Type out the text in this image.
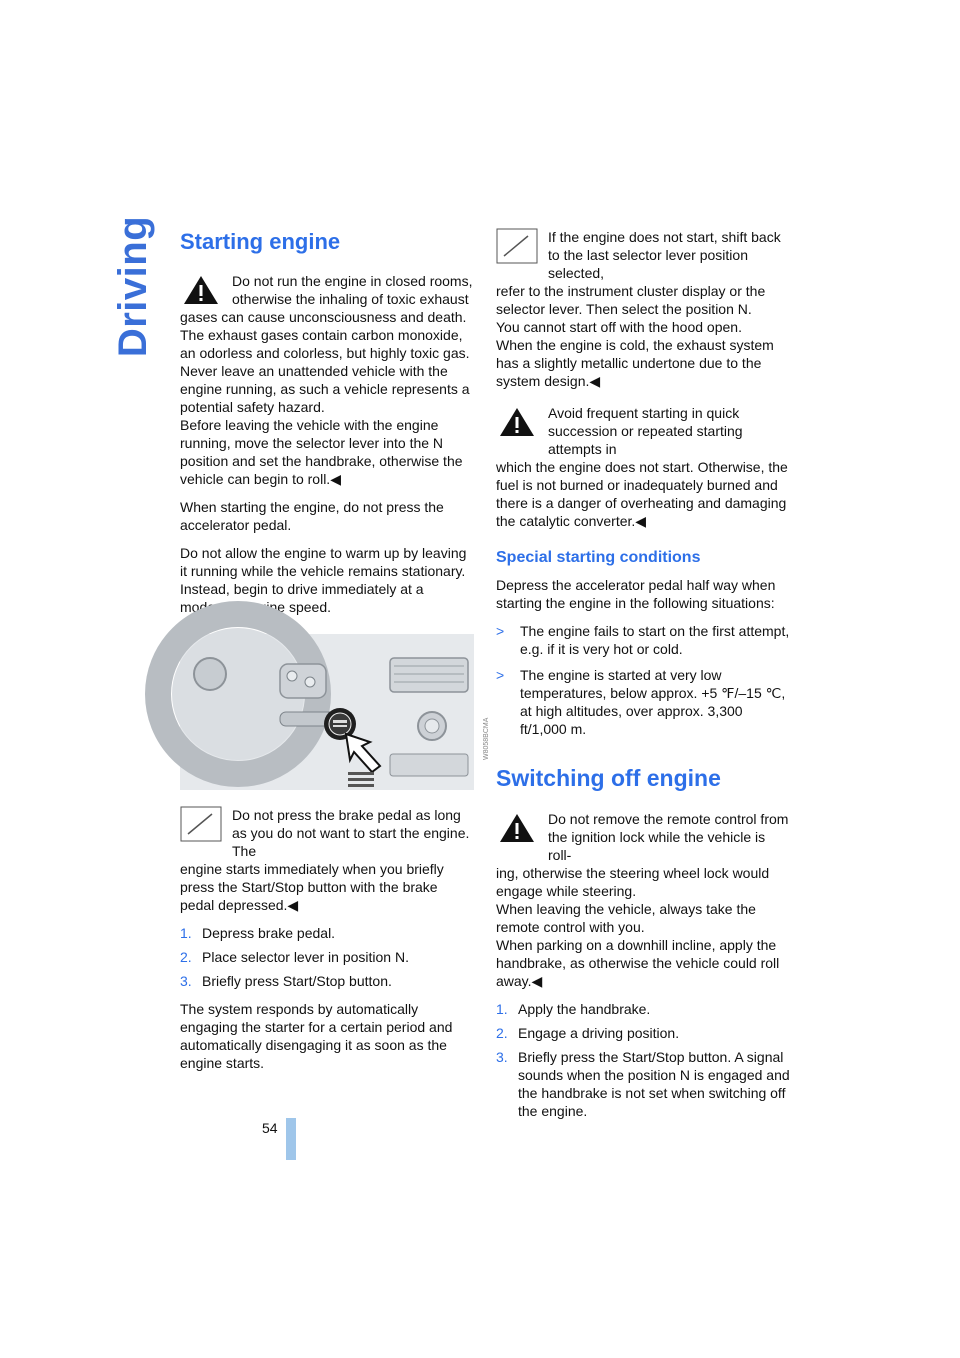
Driving Starting engine
Do not run the engine in closed rooms, otherwise the inhaling of toxic exhaust
gases can cause unconsciousness and death. The exhaust gases contain carbon monoxide, an odorless and colorless, but highly toxic gas. Never leave an unattended vehicle with the engine running, as such a vehicle represents a potential safety hazard.
Before leaving the vehicle with the engine running, move the selector lever into the N position and set the handbrake, otherwise the vehicle can begin to roll.◀

When starting the engine, do not press the accelerator pedal.

Do not allow the engine to warm up by leaving it running while the vehicle remains stationary. Instead, begin to drive immediately at a moderate engine speed.

W8058BCMA
Do not press the brake pedal as long as you do not want to start the engine. The
engine starts immediately when you briefly press the Start/Stop button with the brake pedal depressed.◀
1. Depress brake pedal.
2. Place selector lever in position N.
3. Briefly press Start/Stop button.

The system responds by automatically engaging the starter for a certain period and automatically disengaging it as soon as the engine starts.

If the engine does not start, shift back to the last selector lever position selected,
refer to the instrument cluster display or the selector lever. Then select the position N.
You cannot start off with the hood open.
When the engine is cold, the exhaust system has a slightly metallic undertone due to the system design.◀
Avoid frequent starting in quick succession or repeated starting attempts in
which the engine does not start. Otherwise, the fuel is not burned or inadequately burned and there is a danger of overheating and damaging the catalytic converter.◀
Special starting conditions

Depress the accelerator pedal half way when starting the engine in the following situations:

>	The engine fails to start on the first attempt, e.g. if it is very hot or cold.
>	The engine is started at very low temperatures, below approx. +5 ℉/–15 ℃, at high altitudes, over approx. 3,300 ft/1,000 m.
Switching off engine
Do not remove the remote control from the ignition lock while the vehicle is roll-
ing, otherwise the steering wheel lock would engage while steering.
When leaving the vehicle, always take the remote control with you.
When parking on a downhill incline, apply the handbrake, as otherwise the vehicle could roll away.◀
1. Apply the handbrake.
2. Engage a driving position.
3. Briefly press the Start/Stop button. A signal sounds when the position N is engaged and the handbrake is not set when switching off the engine.
54
